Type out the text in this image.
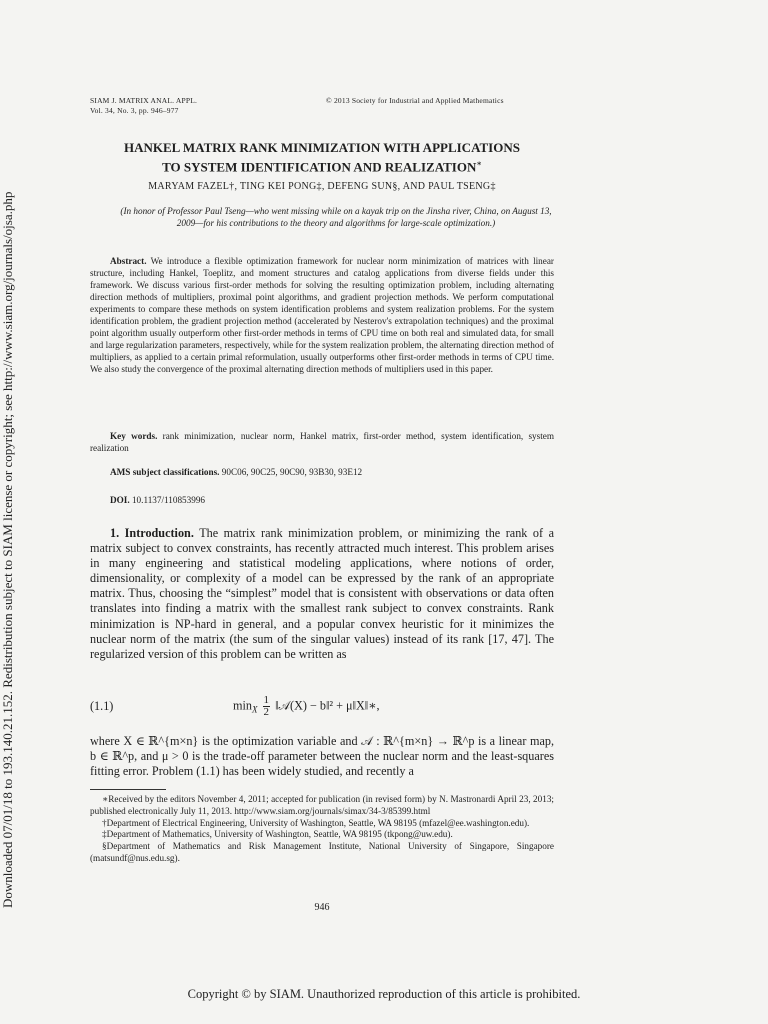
Downloaded 07/01/18 to 193.140.21.152. Redistribution subject to SIAM license or copyright; see http://www.siam.org/journals/ojsa.php
SIAM J. MATRIX ANAL. APPL.
Vol. 34, No. 3, pp. 946–977
© 2013 Society for Industrial and Applied Mathematics
HANKEL MATRIX RANK MINIMIZATION WITH APPLICATIONS
TO SYSTEM IDENTIFICATION AND REALIZATION∗
MARYAM FAZEL†, TING KEI PONG‡, DEFENG SUN§, AND PAUL TSENG‡
(In honor of Professor Paul Tseng—who went missing while on a kayak trip on the Jinsha river, China, on August 13, 2009—for his contributions to the theory and algorithms for large-scale optimization.)
Abstract. We introduce a flexible optimization framework for nuclear norm minimization of matrices with linear structure, including Hankel, Toeplitz, and moment structures and catalog applications from diverse fields under this framework. We discuss various first-order methods for solving the resulting optimization problem, including alternating direction methods of multipliers, proximal point algorithms, and gradient projection methods. We perform computational experiments to compare these methods on system identification problems and system realization problems. For the system identification problem, the gradient projection method (accelerated by Nesterov's extrapolation techniques) and the proximal point algorithm usually outperform other first-order methods in terms of CPU time on both real and simulated data, for small and large regularization parameters, respectively, while for the system realization problem, the alternating direction method of multipliers, as applied to a certain primal reformulation, usually outperforms other first-order methods in terms of CPU time. We also study the convergence of the proximal alternating direction methods of multipliers used in this paper.
Key words. rank minimization, nuclear norm, Hankel matrix, first-order method, system identification, system realization
AMS subject classifications. 90C06, 90C25, 90C90, 93B30, 93E12
DOI. 10.1137/110853996
1. Introduction. The matrix rank minimization problem, or minimizing the rank of a matrix subject to convex constraints, has recently attracted much interest. This problem arises in many engineering and statistical modeling applications, where notions of order, dimensionality, or complexity of a model can be expressed by the rank of an appropriate matrix. Thus, choosing the “simplest” model that is consistent with observations or data often translates into finding a matrix with the smallest rank subject to convex constraints. Rank minimization is NP-hard in general, and a popular convex heuristic for it minimizes the nuclear norm of the matrix (the sum of the singular values) instead of its rank [17, 47]. The regularized version of this problem can be written as
(1.1)	$\min_X \frac{1}{2}$ ‖𝒜(X) − b‖² + μ‖X‖∗,
where X ∈ ℝ^{m×n} is the optimization variable and 𝒜 : ℝ^{m×n} → ℝ^p is a linear map, b ∈ ℝ^p, and μ > 0 is the trade-off parameter between the nuclear norm and the least-squares fitting error. Problem (1.1) has been widely studied, and recently a

∗Received by the editors November 4, 2011; accepted for publication (in revised form) by N. Mastronardi April 23, 2013; published electronically July 11, 2013. http://www.siam.org/journals/simax/34-3/85399.html

†Department of Electrical Engineering, University of Washington, Seattle, WA 98195 (mfazel@ee.washington.edu).

‡Department of Mathematics, University of Washington, Seattle, WA 98195 (tkpong@uw.edu).

§Department of Mathematics and Risk Management Institute, National University of Singapore, Singapore (matsundf@nus.edu.sg).

946
Copyright © by SIAM. Unauthorized reproduction of this article is prohibited.
